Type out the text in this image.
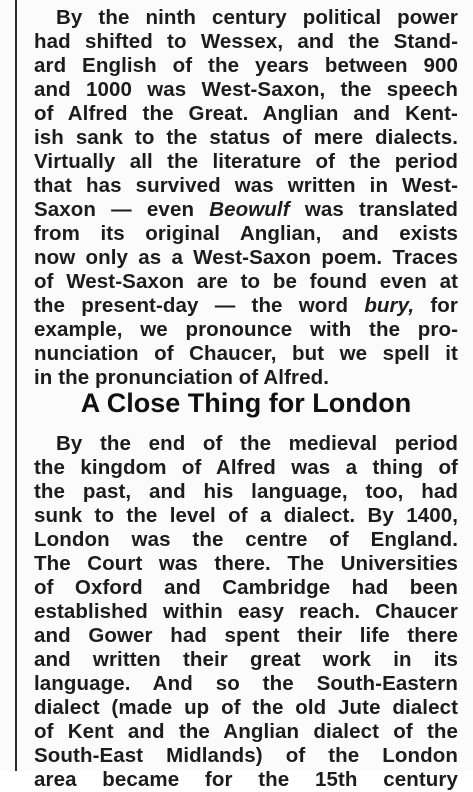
By the ninth century political power
had shifted to Wessex, and the Stand-
ard English of the years between 900
and 1000 was West-Saxon, the speech
of Alfred the Great. Anglian and Kent-
ish sank to the status of mere dialects.
Virtually all the literature of the period
that has survived was written in West-
Saxon — even Beowulf was translated
from its original Anglian, and exists
now only as a West-Saxon poem. Traces
of West-Saxon are to be found even at
the present-day — the word bury, for
example, we pronounce with the pro-
nunciation of Chaucer, but we spell it
in the pronunciation of Alfred.
A Close Thing for London
By the end of the medieval period
the kingdom of Alfred was a thing of
the past, and his language, too, had
sunk to the level of a dialect. By 1400,
London was the centre of England.
The Court was there. The Universities
of Oxford and Cambridge had been
established within easy reach. Chaucer
and Gower had spent their life there
and written their great work in its
language. And so the South-Eastern
dialect (made up of the old Jute dialect
of Kent and the Anglian dialect of the
South-East Midlands) of the London
area became for the 15th century
